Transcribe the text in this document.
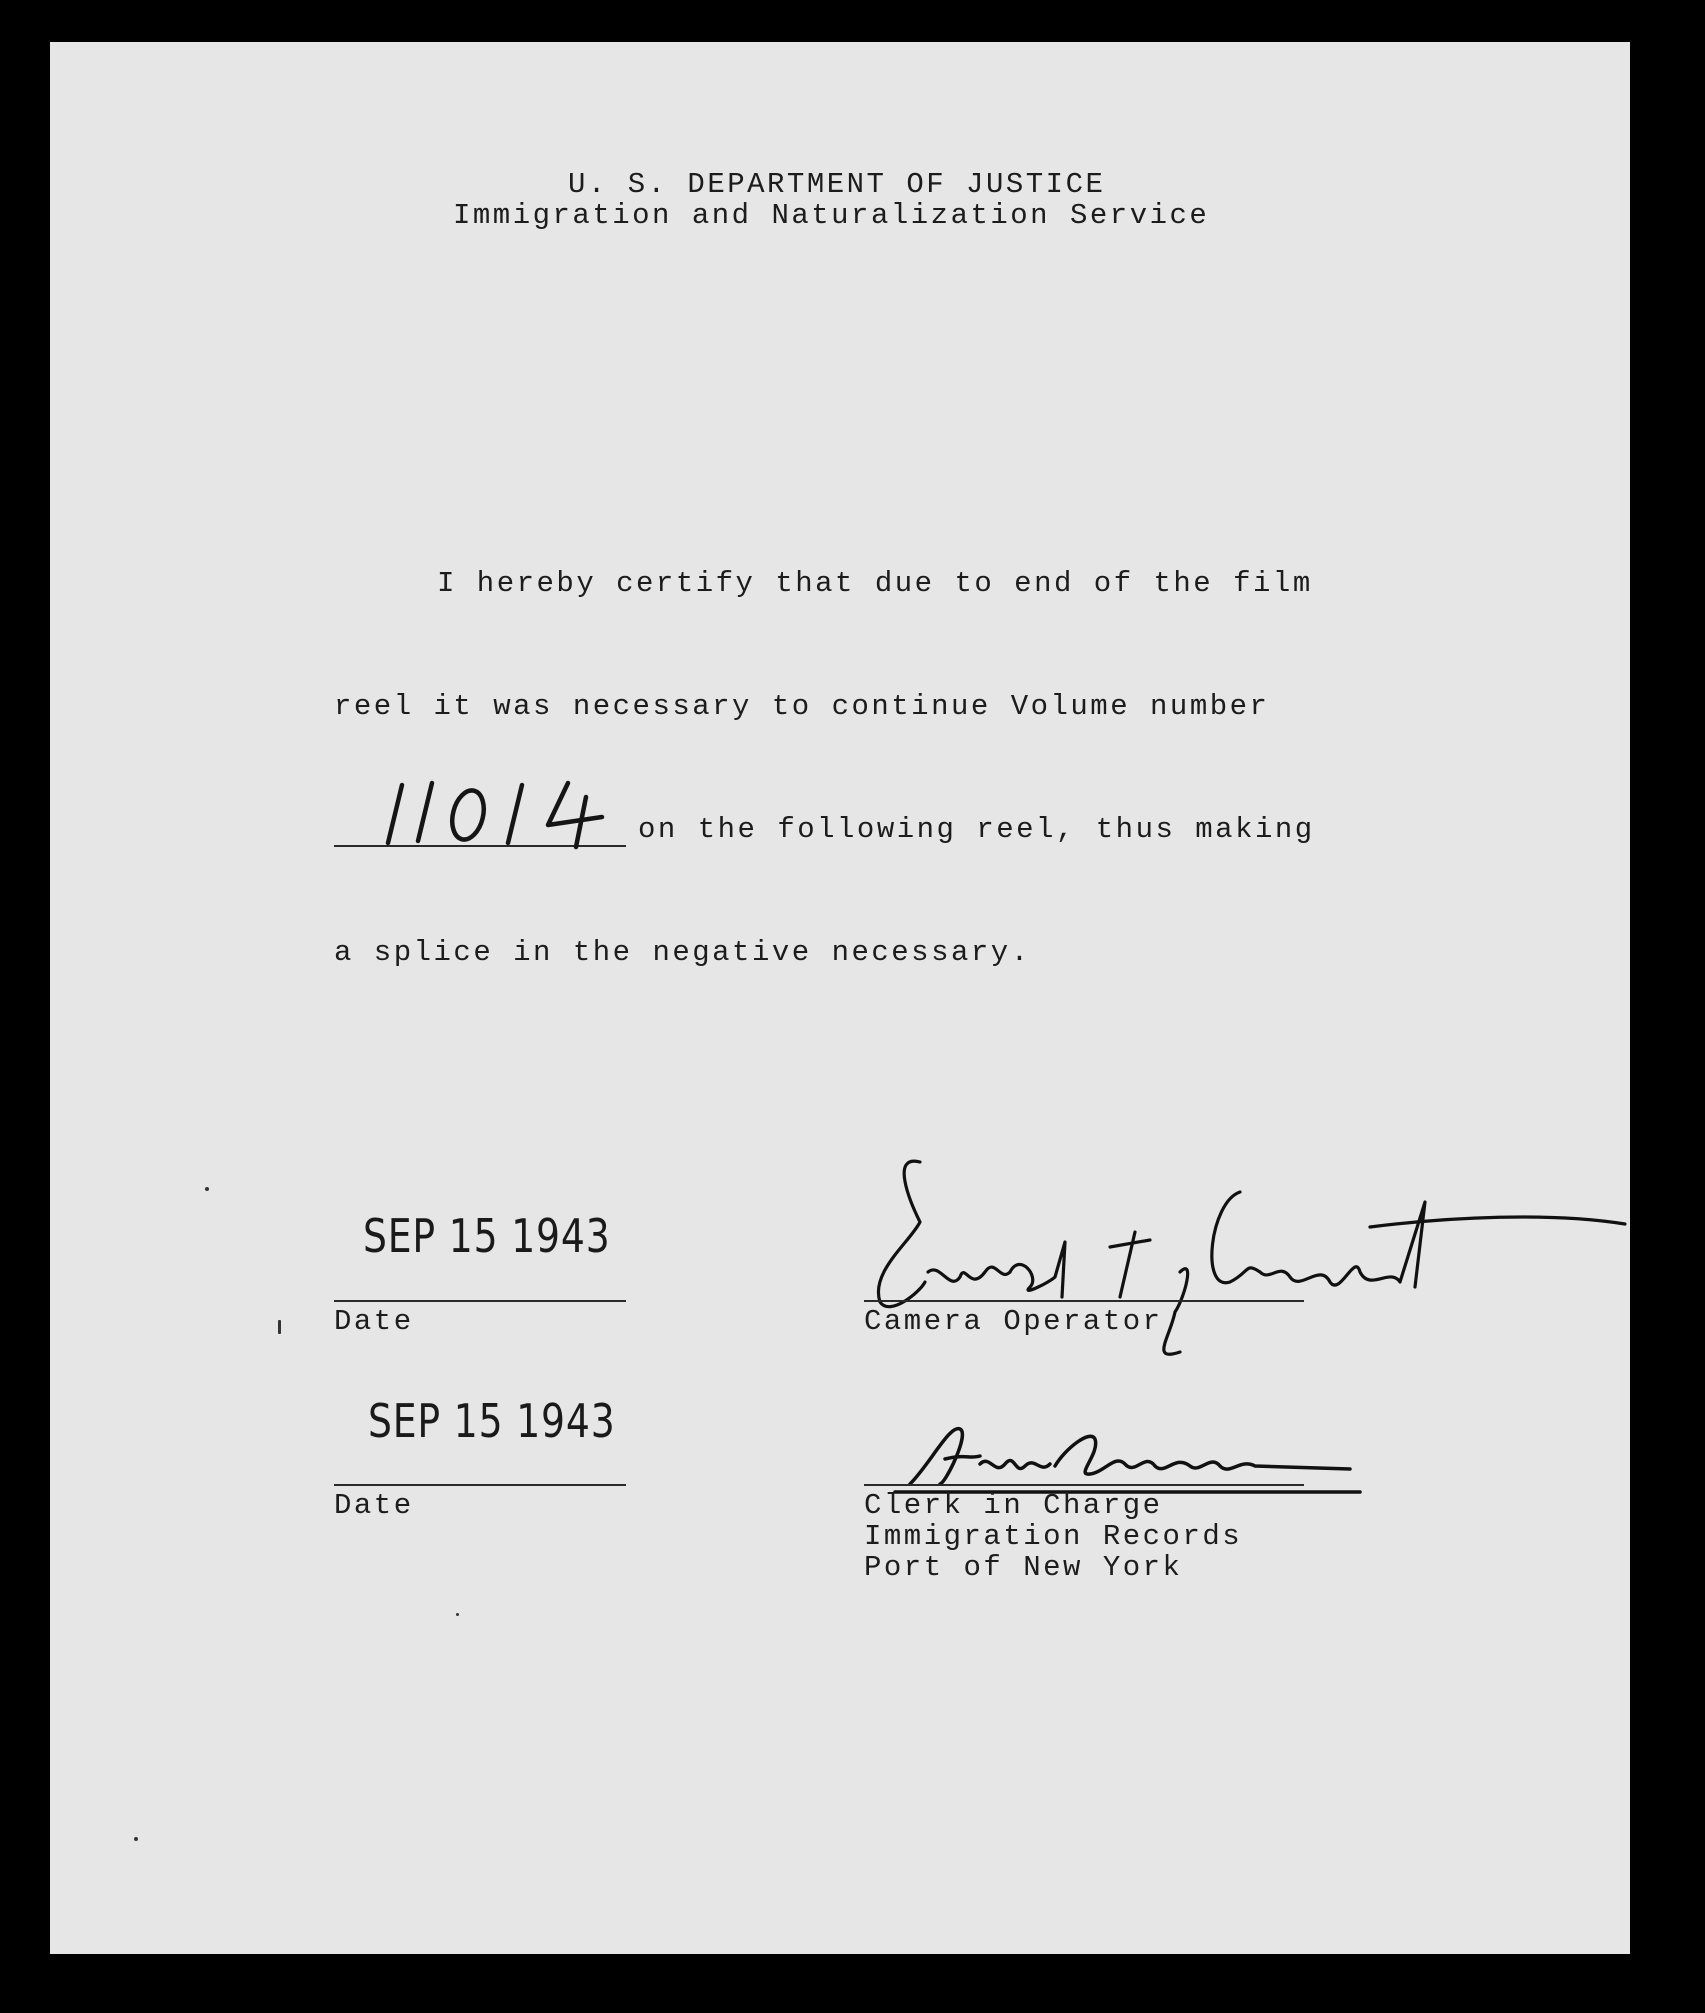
U. S. DEPARTMENT OF JUSTICE
Immigration and Naturalization Service
I hereby certify that due to end of the film
reel it was necessary to continue Volume number
11014
on the following reel, thus making
a splice in the negative necessary.
SEP 15 1943
Date
Ewart T. Hannah
Camera Operator
SEP 15 1943
Date
Geo. Baecker
Clerk in Charge
Immigration Records
Port of New York
